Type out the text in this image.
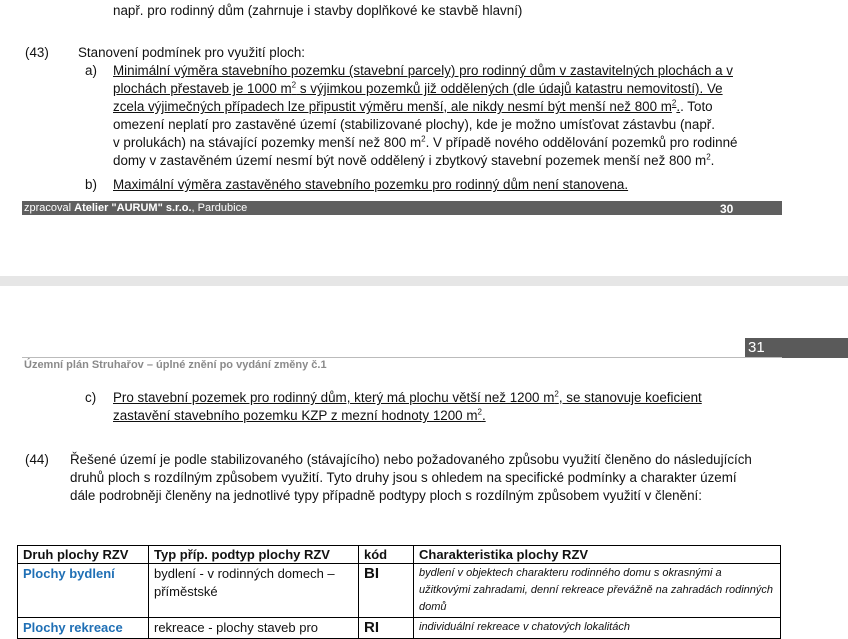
např. pro rodinný dům (zahrnuje i stavby doplňkové ke stavbě hlavní)
(43) Stanovení podmínek pro využití ploch:
a) Minimální výměra stavebního pozemku (stavební parcely) pro rodinný dům v zastavitelných plochách a v
plochách přestaveb je 1000 $m^2$ s výjimkou pozemků již oddělených (dle údajů katastru nemovitostí). Ve
zcela výjimečných případech lze připustit výměru menší, ale nikdy nesmí být menší než 800 $m^2$.. Toto
omezení neplatí pro zastavěné území (stabilizované plochy), kde je možno umísťovat zástavbu (např.
v prolukách) na stávající pozemky menší než 800 $m^2$. V případě nového oddělování pozemků pro rodinné
domy v zastavěném území nesmí být nově oddělený i zbytkový stavební pozemek menší než 800 $m^2$.
b) Maximální výměra zastavěného stavebního pozemku pro rodinný dům není stanovena.
zpracoval Atelier "AURUM" s.r.o., Pardubice	30
31
Územní plán Struhařov – úplné znění po vydání změny č.1
c) Pro stavební pozemek pro rodinný dům, který má plochu větší než 1200 $m^2$, se stanovuje koeficient
zastavění stavebního pozemku KZP z mezní hodnoty 1200 $m^2$.
(44) Řešené území je podle stabilizovaného (stávajícího) nebo požadovaného způsobu využití členěno do následujících
druhů ploch s rozdílným způsobem využití. Tyto druhy jsou s ohledem na specifické podmínky a charakter území
dále podrobněji členěny na jednotlivé typy případně podtypy ploch s rozdílným způsobem využití v členění:
Druh plochy RZV	Typ příp. podtyp plochy RZV	kód	Charakteristika plochy RZV
Plochy bydlení	bydlení - v rodinných domech – příměstské	BI	bydlení v objektech charakteru rodinného domu s okrasnými a užitkovými zahradami, denní rekreace převážně na zahradách rodinných domů
Plochy rekreace	rekreace - plochy staveb pro	RI	individuální rekreace v chatových lokalitách
